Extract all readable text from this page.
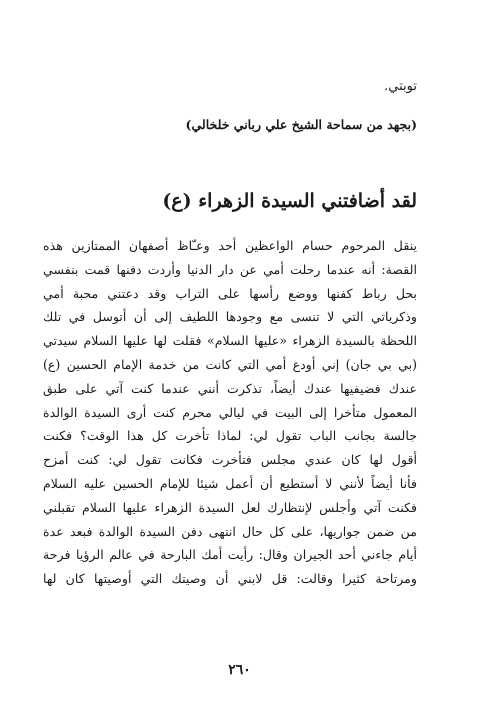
توبتي.
(بجهد من سماحة الشيخ علي رباني خلخالي)
لقد أضافتني السيدة الزهراء (ع)
ينقل المرحوم حسام الواعظين أحد وعـّاظ أصفهان الممتازين هذه
القصة: أنه عندما رحلت أمي عن دار الدنيا وأردت دفنها قمت بنفسي
بحل رباط كفنها ووضع رأسها على التراب وقد دعتني محبة أمي
وذكرياتي التي لا تنسى مع وجودها اللطيف إلى أن أتوسل في تلك
اللحظة بالسيدة الزهراء «عليها السلام» فقلت لها عليها السلام سيدتي
(بي بي جان) إني أودع أمي التي كانت من خدمة الإمام الحسين (ع)
عندك فضيفيها عندك أيضاً، تذكرت أنني عندما كنت آتي على طبق
المعمول متأخرا إلى البيت في ليالي محرم كنت أرى السيدة الوالدة
جالسة بجانب الباب تقول لي: لماذا تأخرت كل هذا الوقت؟ فكنت
أقول لها كان عندي مجلس فتأخرت فكانت تقول لي: كنت أمزح
فأنا أيضاً لأنني لا أستطيع أن أعمل شيئا للإمام الحسين عليه السلام
فكنت آتي وأجلس لإنتظارك لعل السيدة الزهراء عليها السلام تقبلني
من ضمن جواريها، على كل حال انتهى دفن السيدة الوالدة فبعد عدة
أيام جاءني أحد الجيران وقال: رأيت أمك البارحة في عالم الرؤيا فرحة
ومرتاحة كثيرا وقالت: قل لابني أن وصيتك التي أوصيتها كان لها
٢٦٠
